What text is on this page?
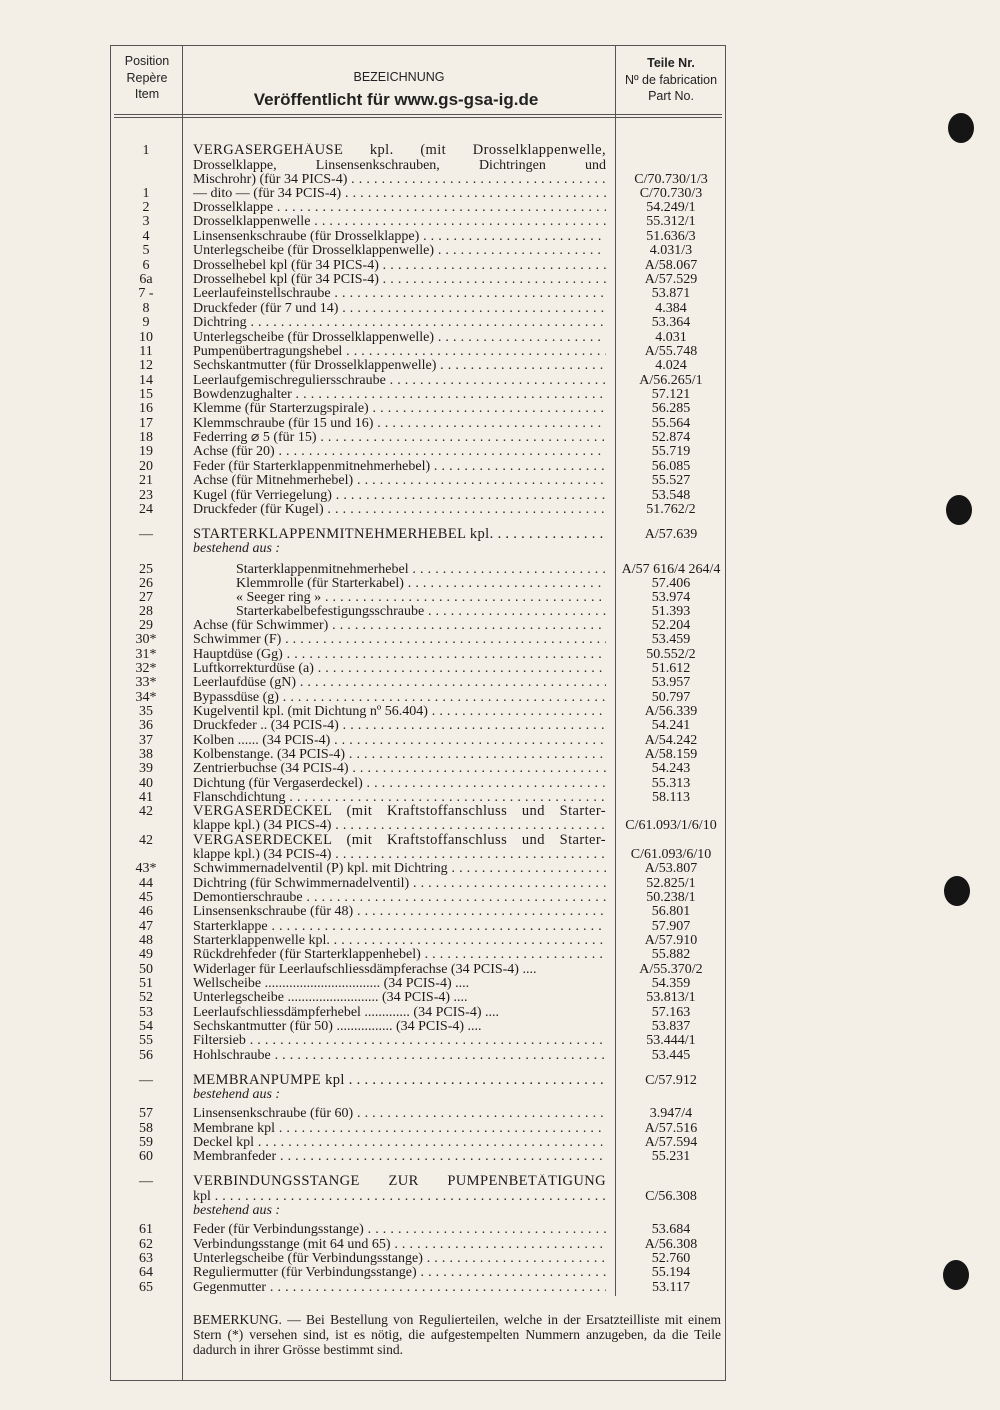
Position
Repère
Item
BEZEICHNUNG
Veröffentlicht für www.gs-gsa-ig.de
Teile Nr.
Nº de fabrication
Part No.
1	VERGASERGEHÄUSE kpl. (mit Drosselklappenwelle,
Drosselklappe, Linsensenkschrauben, Dichtringen und
Mischrohr) (für 34 PICS-4) . . .	C/70.730/1/3
1	— dito — (für 34 PCIS-4) . . .	C/70.730/3
2	Drosselklappe . . .	54.249/1
3	Drosselklappenwelle . . .	55.312/1
4	Linsensenkschraube (für Drosselklappe) . . .	51.636/3
5	Unterlegscheibe (für Drosselklappenwelle) . . .	4.031/3
6	Drosselhebel kpl (für 34 PICS-4) . . .	A/58.067
6a	Drosselhebel kpl (für 34 PCIS-4) . . .	A/57.529
7 -	Leerlaufeinstellschraube . . .	53.871
8	Druckfeder (für 7 und 14) . . .	4.384
9	Dichtring . . .	53.364
10	Unterlegscheibe (für Drosselklappenwelle) . . .	4.031
11	Pumpenübertragungshebel . . .	A/55.748
12	Sechskantmutter (für Drosselklappenwelle) . . .	4.024
14	Leerlaufgemischreguliersschraube . . .	A/56.265/1
15	Bowdenzughalter . . .	57.121
16	Klemme (für Starterzugspirale) . . .	56.285
17	Klemmschraube (für 15 und 16) . . .	55.564
18	Federring ⌀ 5 (für 15) . . .	52.874
19	Achse (für 20) . . .	55.719
20	Feder (für Starterklappenmitnehmerhebel) . . .	56.085
21	Achse (für Mitnehmerhebel) . . .	55.527
23	Kugel (für Verriegelung) . . .	53.548
24	Druckfeder (für Kugel) . . .	51.762/2
—	STARTERKLAPPENMITNEHMERHEBEL kpl. . . .	A/57.639
bestehend aus :
25	Starterklappenmitnehmerhebel . . .	A/57 616/4 264/4
26	Klemmrolle (für Starterkabel) . . .	57.406
27	« Seeger ring » . . .	53.974
28	Starterkabelbefestigungsschraube . . .	51.393
29	Achse (für Schwimmer) . . .	52.204
30*	Schwimmer (F) . . .	53.459
31*	Hauptdüse (Gg) . . .	50.552/2
32*	Luftkorrekturdüse (a) . . .	51.612
33*	Leerlaufdüse (gN) . . .	53.957
34*	Bypassdüse (g) . . .	50.797
35	Kugelventil kpl. (mit Dichtung nº 56.404) . . .	A/56.339
36	Druckfeder .. (34 PCIS-4) . . .	54.241
37	Kolben ...... (34 PCIS-4) . . .	A/54.242
38	Kolbenstange. (34 PCIS-4) . . .	A/58.159
39	Zentrierbuchse (34 PCIS-4) . . .	54.243
40	Dichtung (für Vergaserdeckel) . . .	55.313
41	Flanschdichtung . . .	58.113
42	VERGASERDECKEL (mit Kraftstoffanschluss und Starter-
klappe kpl.) (34 PICS-4) . . .	C/61.093/1/6/10
42	VERGASERDECKEL (mit Kraftstoffanschluss und Starter-
klappe kpl.) (34 PCIS-4) . . .	C/61.093/6/10
43*	Schwimmernadelventil (P) kpl. mit Dichtring . . .	A/53.807
44	Dichtring (für Schwimmernadelventil) . . .	52.825/1
45	Demontierschraube . . .	50.238/1
46	Linsensenkschraube (für 48) . . .	56.801
47	Starterklappe . . .	57.907
48	Starterklappenwelle kpl. . . .	A/57.910
49	Rückdrehfeder (für Starterklappenhebel) . . .	55.882
50	Widerlager für Leerlaufschliessdämpferachse (34 PCIS-4) ....	A/55.370/2
51	Wellscheibe ................................. (34 PCIS-4) ....	54.359
52	Unterlegscheibe .......................... (34 PCIS-4) ....	53.813/1
53	Leerlaufschliessdämpferhebel ............. (34 PCIS-4) ....	57.163
54	Sechskantmutter (für 50) ................ (34 PCIS-4) ....	53.837
55	Filtersieb . . .	53.444/1
56	Hohlschraube . . .	53.445
—	MEMBRANPUMPE kpl . . .	C/57.912
bestehend aus :
57	Linsensenkschraube (für 60) . . .	3.947/4
58	Membrane kpl . . .	A/57.516
59	Deckel kpl . . .	A/57.594
60	Membranfeder . . .	55.231
—	VERBINDUNGSSTANGE ZUR PUMPENBETÄTIGUNG
kpl . . .	C/56.308
bestehend aus :
61	Feder (für Verbindungsstange) . . .	53.684
62	Verbindungsstange (mit 64 und 65) . . .	A/56.308
63	Unterlegscheibe (für Verbindungsstange) . . .	52.760
64	Reguliermutter (für Verbindungsstange) . . .	55.194
65	Gegenmutter . . .	53.117
BEMERKUNG. — Bei Bestellung von Regulierteilen, welche in der Ersatzteilliste mit einem Stern (*) versehen sind, ist es nötig, die aufgestempelten Nummern anzugeben, da die Teile dadurch in ihrer Grösse bestimmt sind.
